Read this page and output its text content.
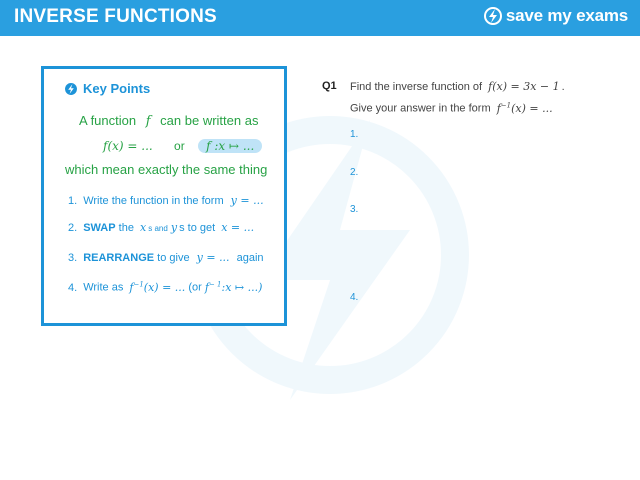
INVERSE FUNCTIONS	save my exams
Key Points
A function f can be written as
f(x) = ... or f :x ↦ ...
which mean exactly the same thing
1. Write the function in the form y = ...
2. SWAP the x s and y s to get x = ...
3. REARRANGE to give y = ... again
4. Write as $f^{-1}(x)$ = ... (or $f^{- 1}:x$ ↦ ...)
Q1 Find the inverse function of f(x) = 3x − 1 .
Give your answer in the form $f^{-1}(x)$ = ...
1.
2.
3.
4.
